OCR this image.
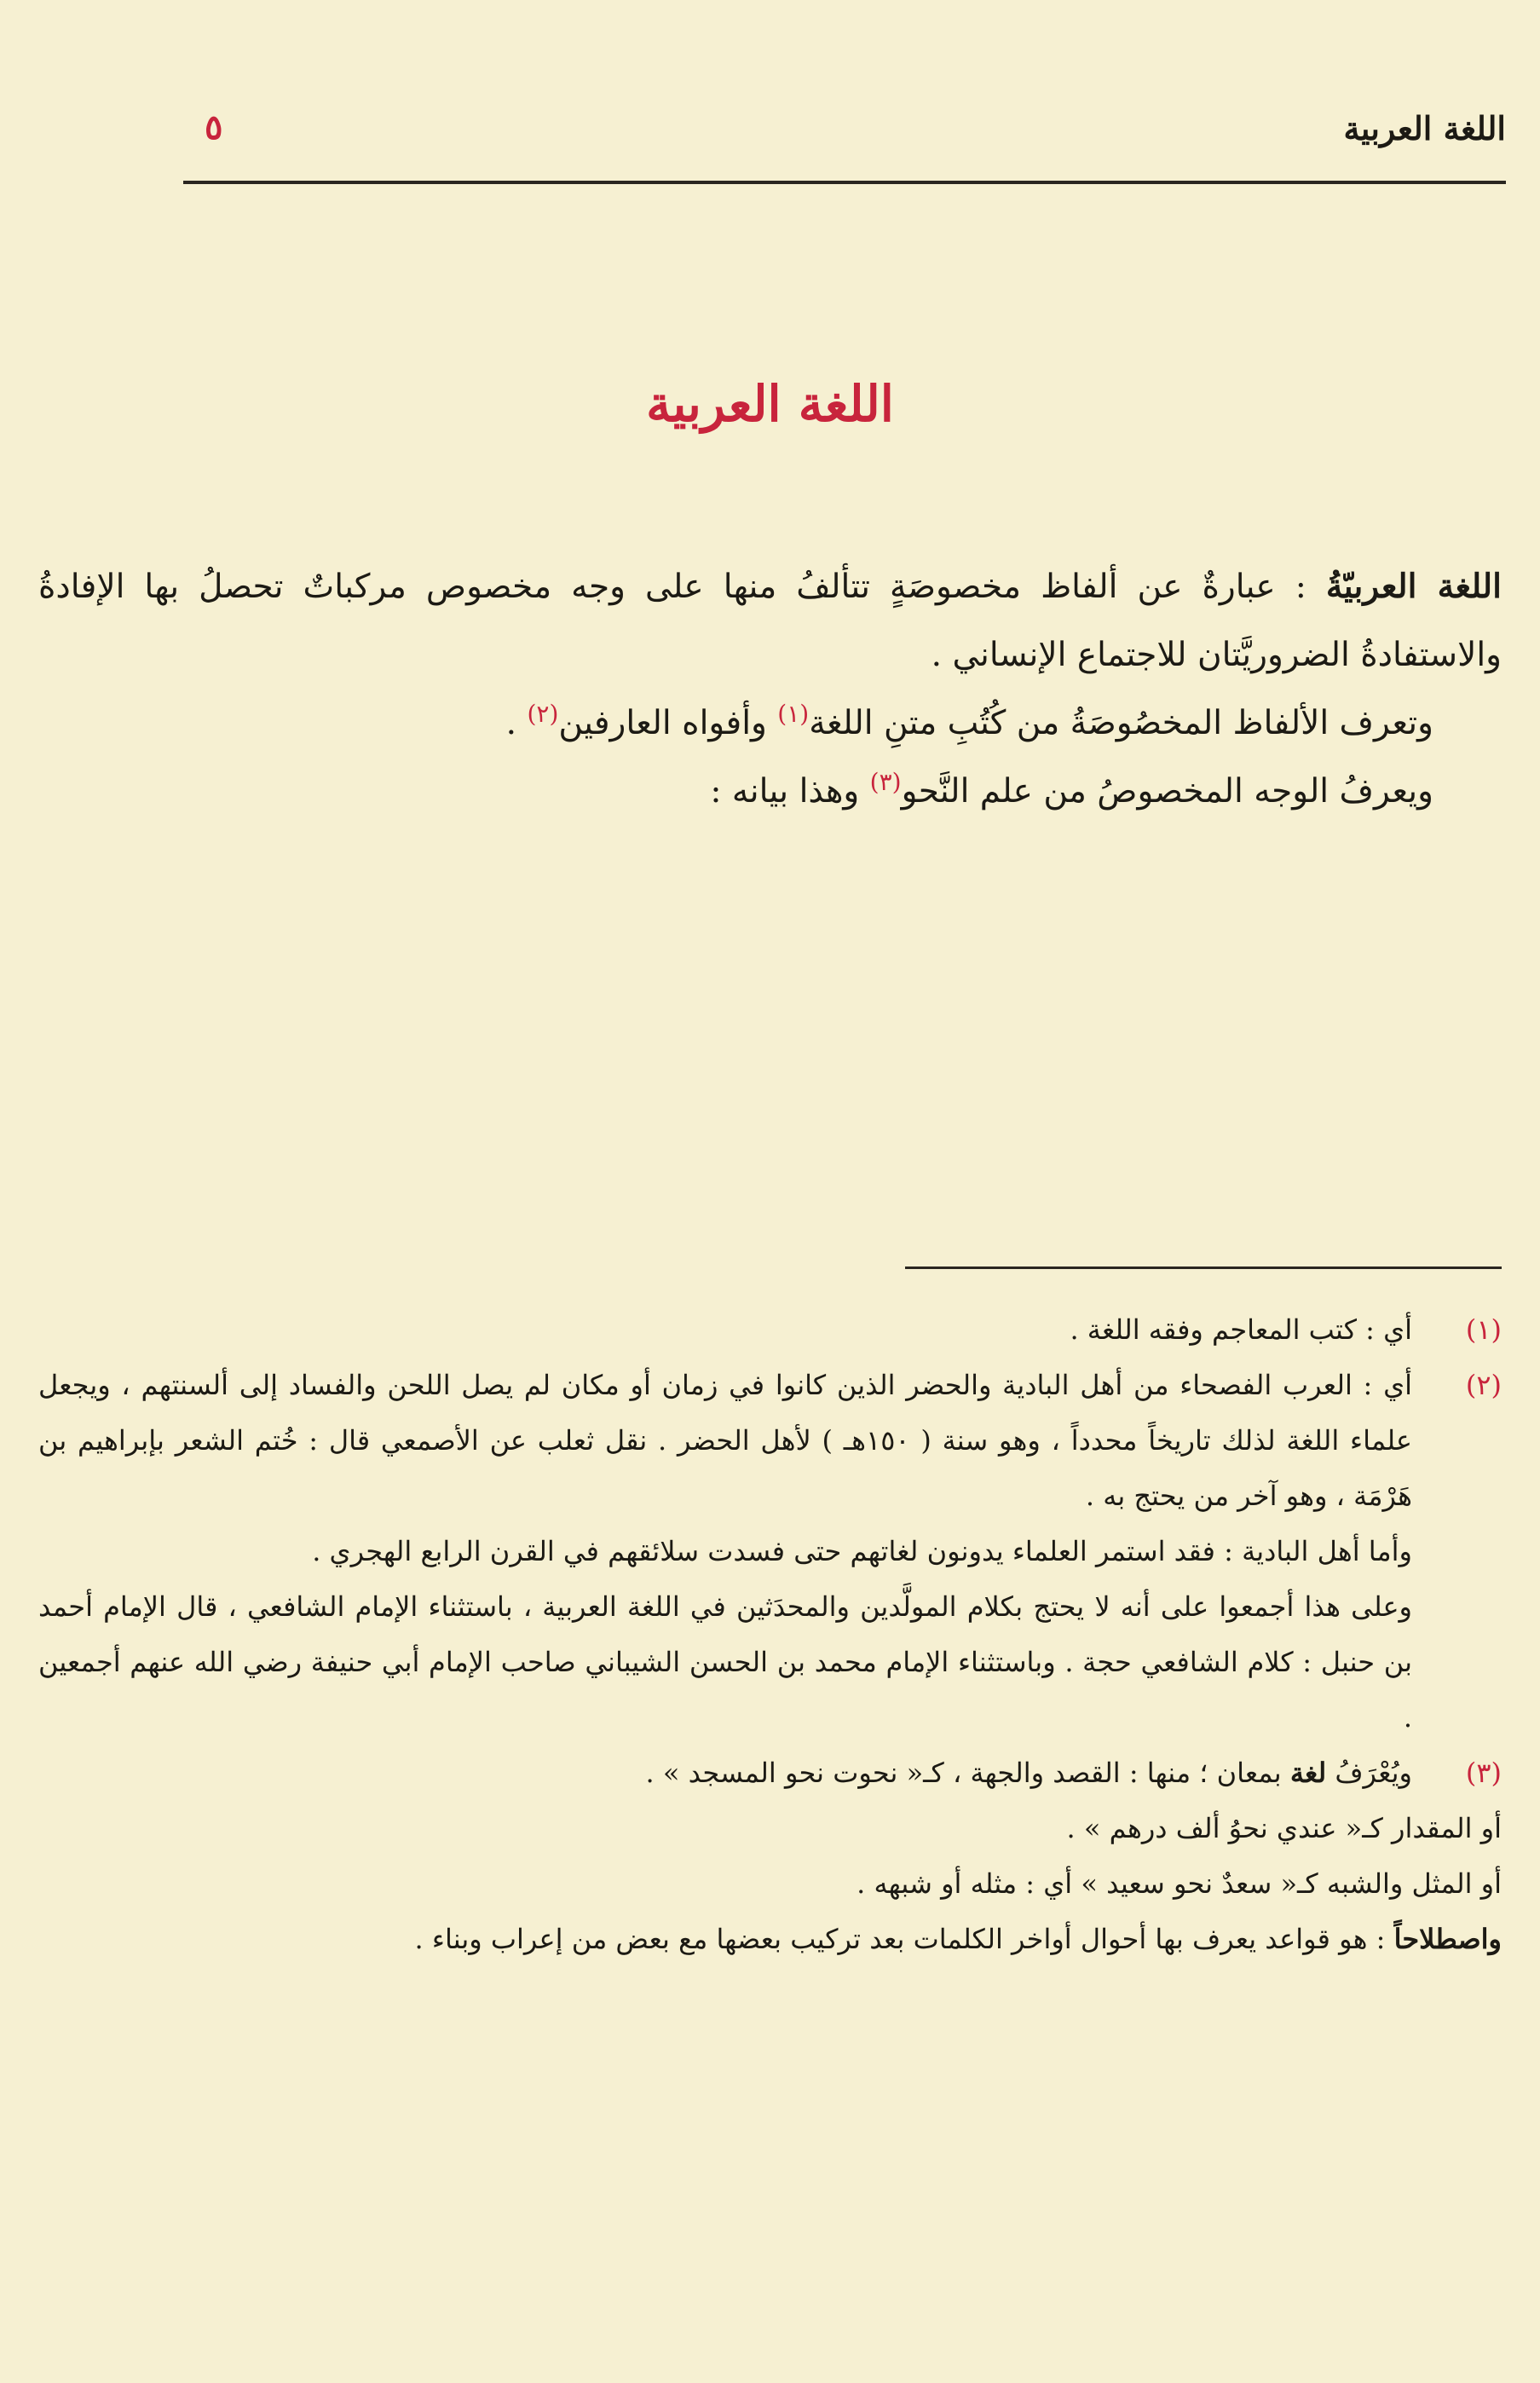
اللغة العربية
٥
اللغة العربية

اللغة العربيّةُ : عبارةٌ عن ألفاظ مخصوصَةٍ تتألفُ منها على وجه مخصوص مركباتٌ تحصلُ بها الإفادةُ والاستفادةُ الضروريَّتان للاجتماع الإنساني .

وتعرف الألفاظ المخصُوصَةُ من كُتُبِ متنِ اللغة$^{(١)}$ وأفواه العارفين$^{(٢)}$ .

ويعرفُ الوجه المخصوصُ من علم النَّحو$^{(٣)}$ وهذا بيانه :

(١)

أي : كتب المعاجم وفقه اللغة .

(٢)

أي : العرب الفصحاء من أهل البادية والحضر الذين كانوا في زمان أو مكان لم يصل اللحن والفساد إلى ألسنتهم ، ويجعل علماء اللغة لذلك تاريخاً محدداً ، وهو سنة ( ١٥٠هـ ) لأهل الحضر . نقل ثعلب عن الأصمعي قال : خُتم الشعر بإبراهيم بن هَرْمَة ، وهو آخر من يحتج به .

وأما أهل البادية : فقد استمر العلماء يدونون لغاتهم حتى فسدت سلائقهم في القرن الرابع الهجري .

وعلى هذا أجمعوا على أنه لا يحتج بكلام المولَّدين والمحدَثين في اللغة العربية ، باستثناء الإمام الشافعي ، قال الإمام أحمد بن حنبل : كلام الشافعي حجة . وباستثناء الإمام محمد بن الحسن الشيباني صاحب الإمام أبي حنيفة رضي الله عنهم أجمعين .

(٣)

ويُعْرَفُ لغة بمعان ؛ منها : القصد والجهة ، كـ« نحوت نحو المسجد » .

أو المقدار كـ« عندي نحوُ ألف درهم » .

أو المثل والشبه كـ« سعدٌ نحو سعيد » أي : مثله أو شبهه .

واصطلاحاً : هو قواعد يعرف بها أحوال أواخر الكلمات بعد تركيب بعضها مع بعض من إعراب وبناء .
